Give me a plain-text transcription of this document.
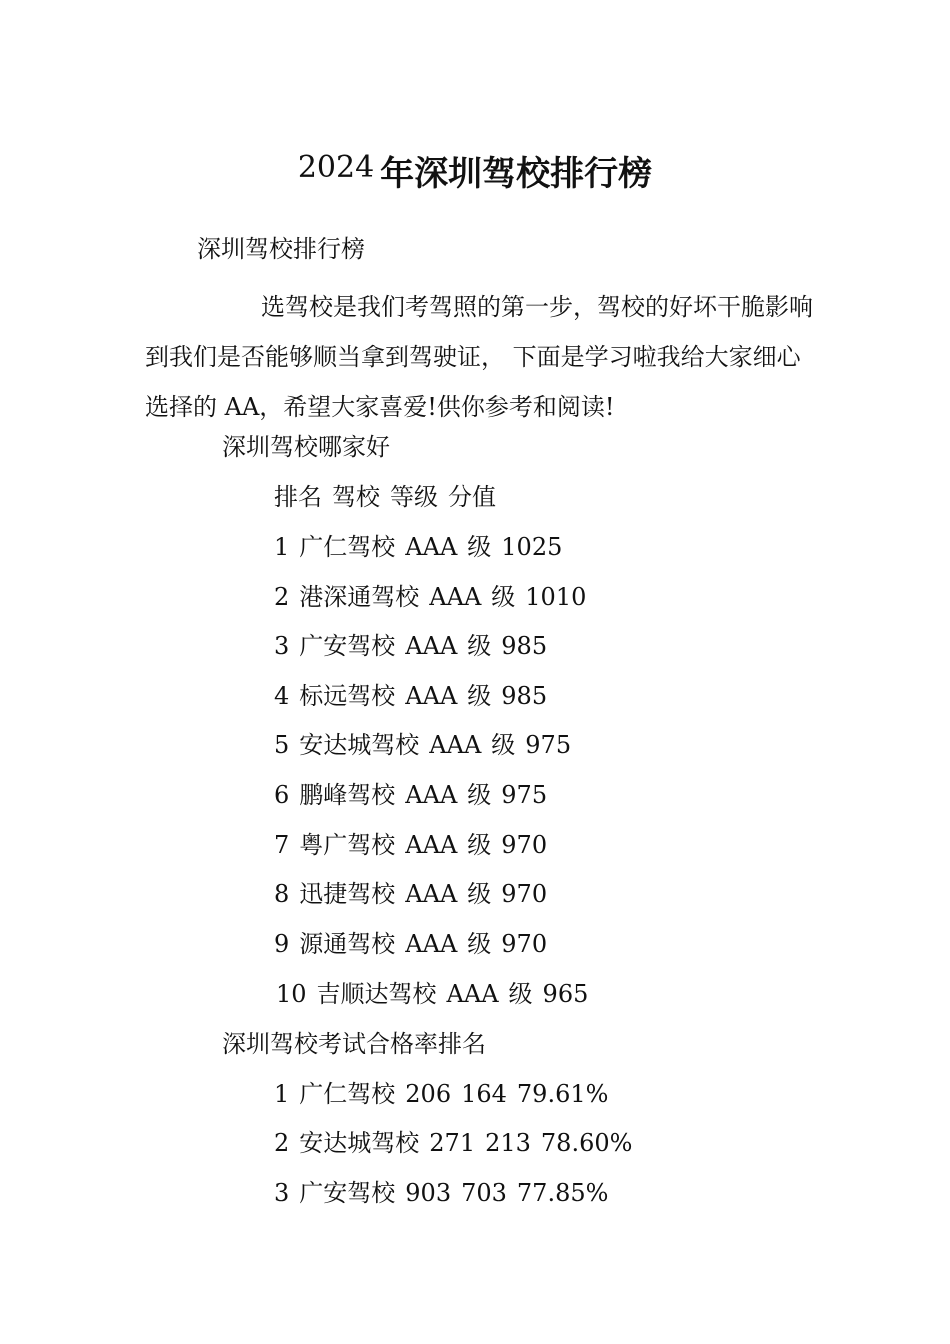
2024 年深圳驾校排行榜
深圳驾校排行榜
选驾校是我们考驾照的第一步，驾校的好坏干脆影响到我们是否能够顺当拿到驾驶证， 下面是学习啦我给大家细心选择的 AA，希望大家喜爱!供你参考和阅读!
深圳驾校哪家好
排名 驾校 等级 分值
1 广仁驾校 AAA 级 1025
2 港深通驾校 AAA 级 1010
3 广安驾校 AAA 级 985
4 标远驾校 AAA 级 985
5 安达城驾校 AAA 级 975
6 鹏峰驾校 AAA 级 975
7 粤广驾校 AAA 级 970
8 迅捷驾校 AAA 级 970
9 源通驾校 AAA 级 970
10 吉顺达驾校 AAA 级 965
深圳驾校考试合格率排名
1 广仁驾校 206 164 79.61%
2 安达城驾校 271 213 78.60%
3 广安驾校 903 703 77.85%
